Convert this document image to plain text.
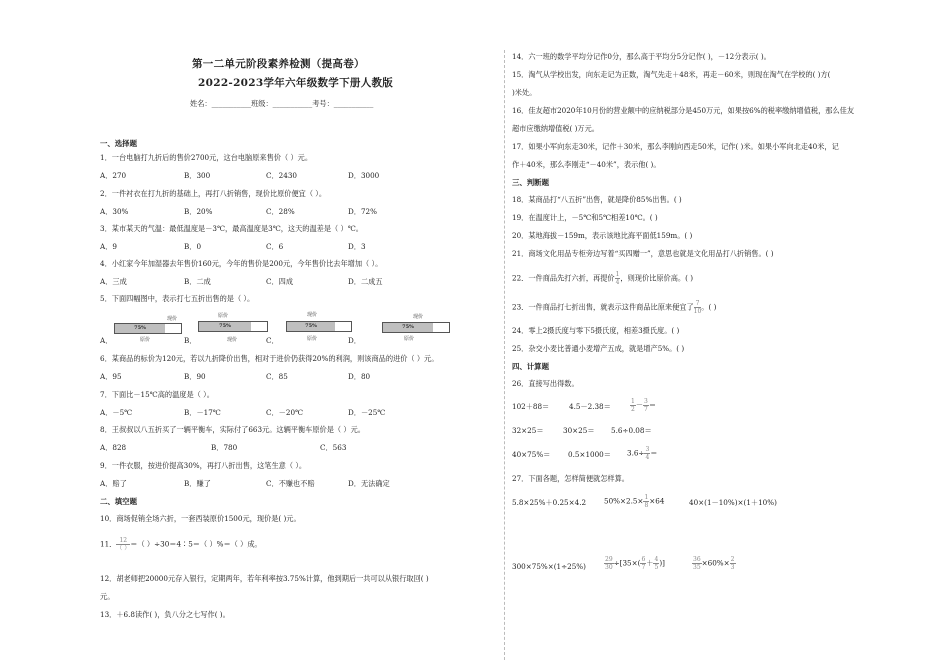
第一二单元阶段素养检测（提高卷）
2022-2023学年六年级数学下册人教版
姓名：___________班级：___________考号：___________
一、选择题
1．一台电脑打九折后的售价2700元，这台电脑原来售价（ ）元。
A．270	B．300	C．2430	D．3000
2．一件衬衣在打九折的基础上，再打八折销售，现价比原价便宜（ ）。
A．30%	B．20%	C．28%	D．72%
3．某市某天的气温：最低温度是－3℃，最高温度是3℃，这天的温差是（ ）℃。
A．9	B．0	C．6	D．3
4．小红家今年加湿器去年售价160元，今年的售价是200元，今年售价比去年增加（ ）。
A．三成	B．二成	C．四成	D．二成五
5．下面四幅图中，表示打七五折出售的是（ ）。
A．
75%
现价
原价	B．
75%
原价
现价	C．
75%
现价
原价	D．
75%
现价
原价
6．某商品的标价为120元，若以九折降价出售，相对于进价仍获得20%的利润，则该商品的进价（ ）元。
A．95	B．90	C．85	D．80
7．下面比－15℃高的温度是（ ）。
A．－5℃	B．－17℃	C．－20℃	D．－25℃
8．王叔叔以八五折买了一辆平衡车，实际付了663元。这辆平衡车原价是（ ）元。
A．828	B．780	C．563
9．一件衣服，按进价提高30%，再打八折出售，这笔生意（ ）。
A．赔了	B．赚了	C．不赚也不赔	D．无法确定
二、填空题
10．商场促销全场六折，一套西装原价1500元，现价是( )元。
11． $\frac{12}{( )}$ ＝（ ）÷30＝4∶5＝（ ）%＝（ ）成。
12．胡老师把20000元存入银行，定期两年，若年利率按3.75%计算，他到期后一共可以从银行取回( )
元。
13．＋6.8读作( )，负八分之七写作( )。
14．六一班的数学平均分记作0分，那么高于平均分5分记作( )，－12分表示( )。
15．淘气从学校出发，向东走记为正数，淘气先走＋48米，再走－60米，则现在淘气在学校的( )方(
)米处。
16．佳友超市2020年10月份的营业额中的应纳税部分是450万元，如果按6%的税率缴纳增值税，那么佳友
超市应缴纳增值税( )万元。
17．如果小军向东走30米，记作＋30米，那么李刚向西走50米，记作( )米。如果小军向北走40米，记
作＋40米，那么李刚走“－40米”，表示他( )。
三、判断题
18．某商品打“八五折”出售，就是降价85%出售。( )
19．在温度计上，－5℃和5℃相差10℃。( )
20．某地海拔－159m，表示该地比海平面低159m。( )
21．商场文化用品专柜旁边写着“买四赠一”，意思也就是文化用品打八折销售。( )
22．一件商品先打六折，再提价 $\frac{1}{4}$ ，则现价比原价高。( )
23．一件商品打七折出售，就表示这件商品比原来便宜了 $\frac{7}{10}$ 。( )
24．零上2摄氏度与零下5摄氏度，相差3摄氏度。( )
25．杂交小麦比普通小麦增产五成，就是增产5%。( )
四、计算题
26．直接写出得数。
102＋88＝	4.5－2.38＝	$\frac{1}{2} - \frac{3}{7}$ ＝
32×25＝	30×25＝ 5.6÷0.08＝
$40\times 75\%= 0.5\times 1000= 3.6\div \frac{3}{4}$ ＝
27．下面各题，怎样简便就怎样算。
5.8×25%＋0.25×4.2 $50\%\times 2.5\times \frac{1}{8} \times 64$	40×(1－10%)×(1＋10%)
300×75%×(1÷25%)	$\frac{29}{30} \div[35\times( \frac{6}{7} + \frac{4}{5}$ )]	$\frac{36}{35} \times 60\%\times \frac{2}{3}$
